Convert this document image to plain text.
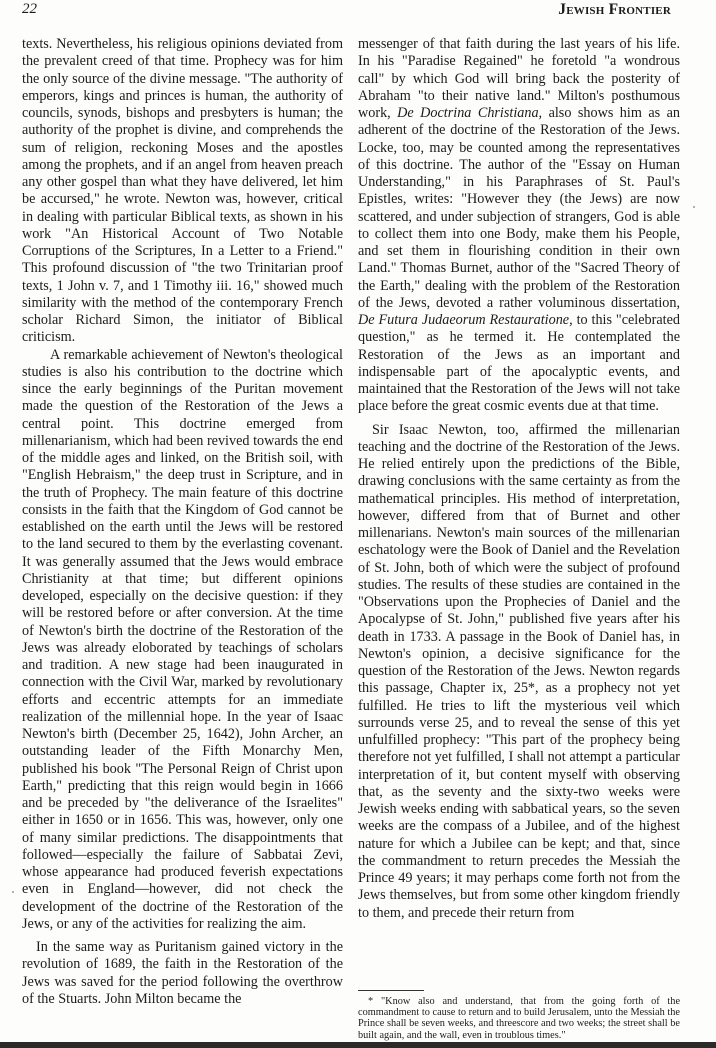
22	Jewish Frontier

texts. Nevertheless, his religious opinions deviated from the prevalent creed of that time. Prophecy was for him the only source of the divine message. "The authority of emperors, kings and princes is human, the authority of councils, synods, bishops and presbyters is human; the authority of the prophet is divine, and comprehends the sum of religion, reckoning Moses and the apostles among the prophets, and if an angel from heaven preach any other gospel than what they have delivered, let him be accursed," he wrote. Newton was, however, critical in dealing with particular Biblical texts, as shown in his work "An Historical Account of Two Notable Corruptions of the Scriptures, In a Letter to a Friend." This profound discussion of "the two Trinitarian proof texts, 1 John v. 7, and 1 Timothy iii. 16," showed much similarity with the method of the contemporary French scholar Richard Simon, the initiator of Biblical criticism.

A remarkable achievement of Newton's theological studies is also his contribution to the doctrine which since the early beginnings of the Puritan movement made the question of the Restoration of the Jews a central point. This doctrine emerged from millenarianism, which had been revived towards the end of the middle ages and linked, on the British soil, with "English Hebraism," the deep trust in Scripture, and in the truth of Prophecy. The main feature of this doctrine consists in the faith that the Kingdom of God cannot be established on the earth until the Jews will be restored to the land secured to them by the everlasting covenant. It was generally assumed that the Jews would embrace Christianity at that time; but different opinions developed, especially on the decisive question: if they will be restored before or after conversion. At the time of Newton's birth the doctrine of the Restoration of the Jews was already eloborated by teachings of scholars and tradition. A new stage had been inaugurated in connection with the Civil War, marked by revolutionary efforts and eccentric attempts for an immediate realization of the millennial hope. In the year of Isaac Newton's birth (December 25, 1642), John Archer, an outstanding leader of the Fifth Monarchy Men, published his book "The Personal Reign of Christ upon Earth," predicting that this reign would begin in 1666 and be preceded by "the deliverance of the Israelites" either in 1650 or in 1656. This was, however, only one of many similar predictions. The disappointments that followed—especially the failure of Sabbatai Zevi, whose appearance had produced feverish expectations even in England—however, did not check the development of the doctrine of the Restoration of the Jews, or any of the activities for realizing the aim.

In the same way as Puritanism gained victory in the revolution of 1689, the faith in the Restoration of the Jews was saved for the period following the overthrow of the Stuarts. John Milton became the

messenger of that faith during the last years of his life. In his "Paradise Regained" he foretold "a wondrous call" by which God will bring back the posterity of Abraham "to their native land." Milton's posthumous work, De Doctrina Christiana, also shows him as an adherent of the doctrine of the Restoration of the Jews. Locke, too, may be counted among the representatives of this doctrine. The author of the "Essay on Human Understanding," in his Paraphrases of St. Paul's Epistles, writes: "However they (the Jews) are now scattered, and under subjection of strangers, God is able to collect them into one Body, make them his People, and set them in flourishing condition in their own Land." Thomas Burnet, author of the "Sacred Theory of the Earth," dealing with the problem of the Restoration of the Jews, devoted a rather voluminous dissertation, De Futura Judaeorum Restauratione, to this "celebrated question," as he termed it. He contemplated the Restoration of the Jews as an important and indispensable part of the apocalyptic events, and maintained that the Restoration of the Jews will not take place before the great cosmic events due at that time.

Sir Isaac Newton, too, affirmed the millenarian teaching and the doctrine of the Restoration of the Jews. He relied entirely upon the predictions of the Bible, drawing conclusions with the same certainty as from the mathematical principles. His method of interpretation, however, differed from that of Burnet and other millenarians. Newton's main sources of the millenarian eschatology were the Book of Daniel and the Revelation of St. John, both of which were the subject of profound studies. The results of these studies are contained in the "Observations upon the Prophecies of Daniel and the Apocalypse of St. John," published five years after his death in 1733. A passage in the Book of Daniel has, in Newton's opinion, a decisive significance for the question of the Restoration of the Jews. Newton regards this passage, Chapter ix, 25*, as a prophecy not yet fulfilled. He tries to lift the mysterious veil which surrounds verse 25, and to reveal the sense of this yet unfulfilled prophecy: "This part of the prophecy being therefore not yet fulfilled, I shall not attempt a particular interpretation of it, but content myself with observing that, as the seventy and the sixty-two weeks were Jewish weeks ending with sabbatical years, so the seven weeks are the compass of a Jubilee, and of the highest nature for which a Jubilee can be kept; and that, since the commandment to return precedes the Messiah the Prince 49 years; it may perhaps come forth not from the Jews themselves, but from some other kingdom friendly to them, and precede their return from

* "Know also and understand, that from the going forth of the commandment to cause to return and to build Jerusalem, unto the Messiah the Prince shall be seven weeks, and threescore and two weeks; the street shall be built again, and the wall, even in troublous times."
